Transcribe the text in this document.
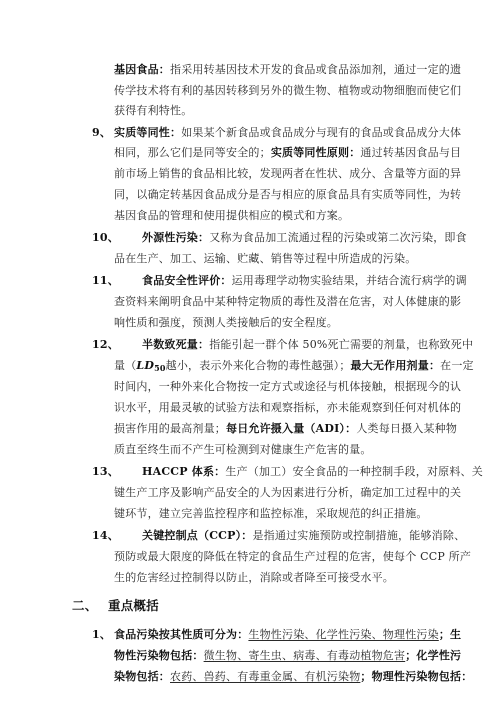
基因食品：指采用转基因技术开发的食品或食品添加剂，通过一定的遗
传学技术将有利的基因转移到另外的微生物、植物或动物细胞而使它们
获得有利特性。
9、 实质等同性：如果某个新食品或食品成分与现有的食品或食品成分大体
相同，那么它们是同等安全的；实质等同性原则：通过转基因食品与目
前市场上销售的食品相比较，发现两者在性状、成分、含量等方面的异
同，以确定转基因食品成分是否与相应的原食品具有实质等同性，为转
基因食品的管理和使用提供相应的模式和方案。
10、 外源性污染：又称为食品加工流通过程的污染或第二次污染，即食
品在生产、加工、运输、贮藏、销售等过程中所造成的污染。
11、 食品安全性评价：运用毒理学动物实验结果，并结合流行病学的调
查资料来阐明食品中某种特定物质的毒性及潜在危害，对人体健康的影
响性质和强度，预测人类接触后的安全程度。
12、 半数致死量：指能引起一群个体 50%死亡需要的剂量，也称致死中
量（$LD_{50}$越小，表示外来化合物的毒性越强）；最大无作用剂量：在一定
时间内，一种外来化合物按一定方式或途径与机体接触，根据现今的认
识水平，用最灵敏的试验方法和观察指标，亦未能观察到任何对机体的
损害作用的最高剂量；每日允许摄入量（ADI）：人类每日摄入某种物
质直至终生而不产生可检测到对健康生产危害的量。
13、 HACCP 体系：生产（加工）安全食品的一种控制手段，对原料、关
键生产工序及影响产品安全的人为因素进行分析，确定加工过程中的关
键环节，建立完善监控程序和监控标准，采取规范的纠正措施。
14、 关键控制点（CCP）：是指通过实施预防或控制措施，能够消除、
预防或最大限度的降低在特定的食品生产过程的危害，使每个 CCP 所产
生的危害经过控制得以防止，消除或者降至可接受水平。
二、 重点概括
1、 食品污染按其性质可分为：生物性污染、化学性污染、物理性污染；生
物性污染物包括：微生物、寄生虫、病毒、有毒动植物危害；化学性污
染物包括：农药、兽药、有毒重金属、有机污染物；物理性污染物包括：
